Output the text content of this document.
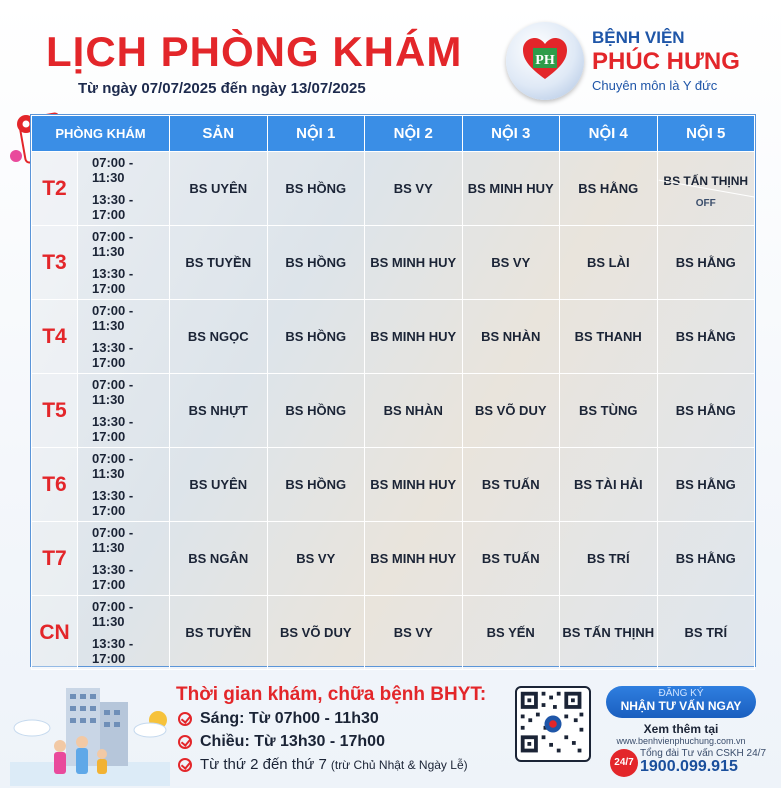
LỊCH PHÒNG KHÁM
Từ ngày 07/07/2025 đến ngày 13/07/2025
PH
BỆNH VIỆN
PHÚC HƯNG
Chuyên môn là Y đức
PHÒNG KHÁM		SẢN	NỘI 1	NỘI 2	NỘI 3	NỘI 4	NỘI 5
T2	07:00 - 11:30	BS UYÊN	BS HỒNG	BS VY	BS MINH HUY	BS HẰNG	BS TẤN THỊNH
OFF

	13:30 - 17:00						
T3	07:00 - 11:30	BS TUYỀN	BS HỒNG	BS MINH HUY	BS VY	BS LÀI	BS HẰNG
	13:30 - 17:00						
T4	07:00 - 11:30	BS NGỌC	BS HỒNG	BS MINH HUY	BS NHÀN	BS THANH	BS HẰNG
	13:30 - 17:00						
T5	07:00 - 11:30	BS NHỰT	BS HỒNG	BS NHÀN	BS VÕ DUY	BS TÙNG	BS HẰNG
	13:30 - 17:00						
T6	07:00 - 11:30	BS UYÊN	BS HỒNG	BS MINH HUY	BS TUẤN	BS TÀI HẢI	BS HẰNG
	13:30 - 17:00						
T7	07:00 - 11:30	BS NGÂN	BS VY	BS MINH HUY	BS TUẤN	BS TRÍ	BS HẰNG
	13:30 - 17:00						
CN	07:00 - 11:30	BS TUYỀN	BS VÕ DUY	BS VY	BS YẾN	BS TẤN THỊNH	BS TRÍ
	13:30 - 17:00						
Thời gian khám, chữa bệnh BHYT:
Sáng: Từ 07h00 - 11h30
Chiều: Từ 13h30 - 17h00
Từ thứ 2 đến thứ 7 (trừ Chủ Nhật & Ngày Lễ)
ĐĂNG KÝ
NHẬN TƯ VẤN NGAY
Xem thêm tại
www.benhvienphuchung.com.vn
24/7
Tổng đài Tư vấn CSKH 24/7
1900.099.915
